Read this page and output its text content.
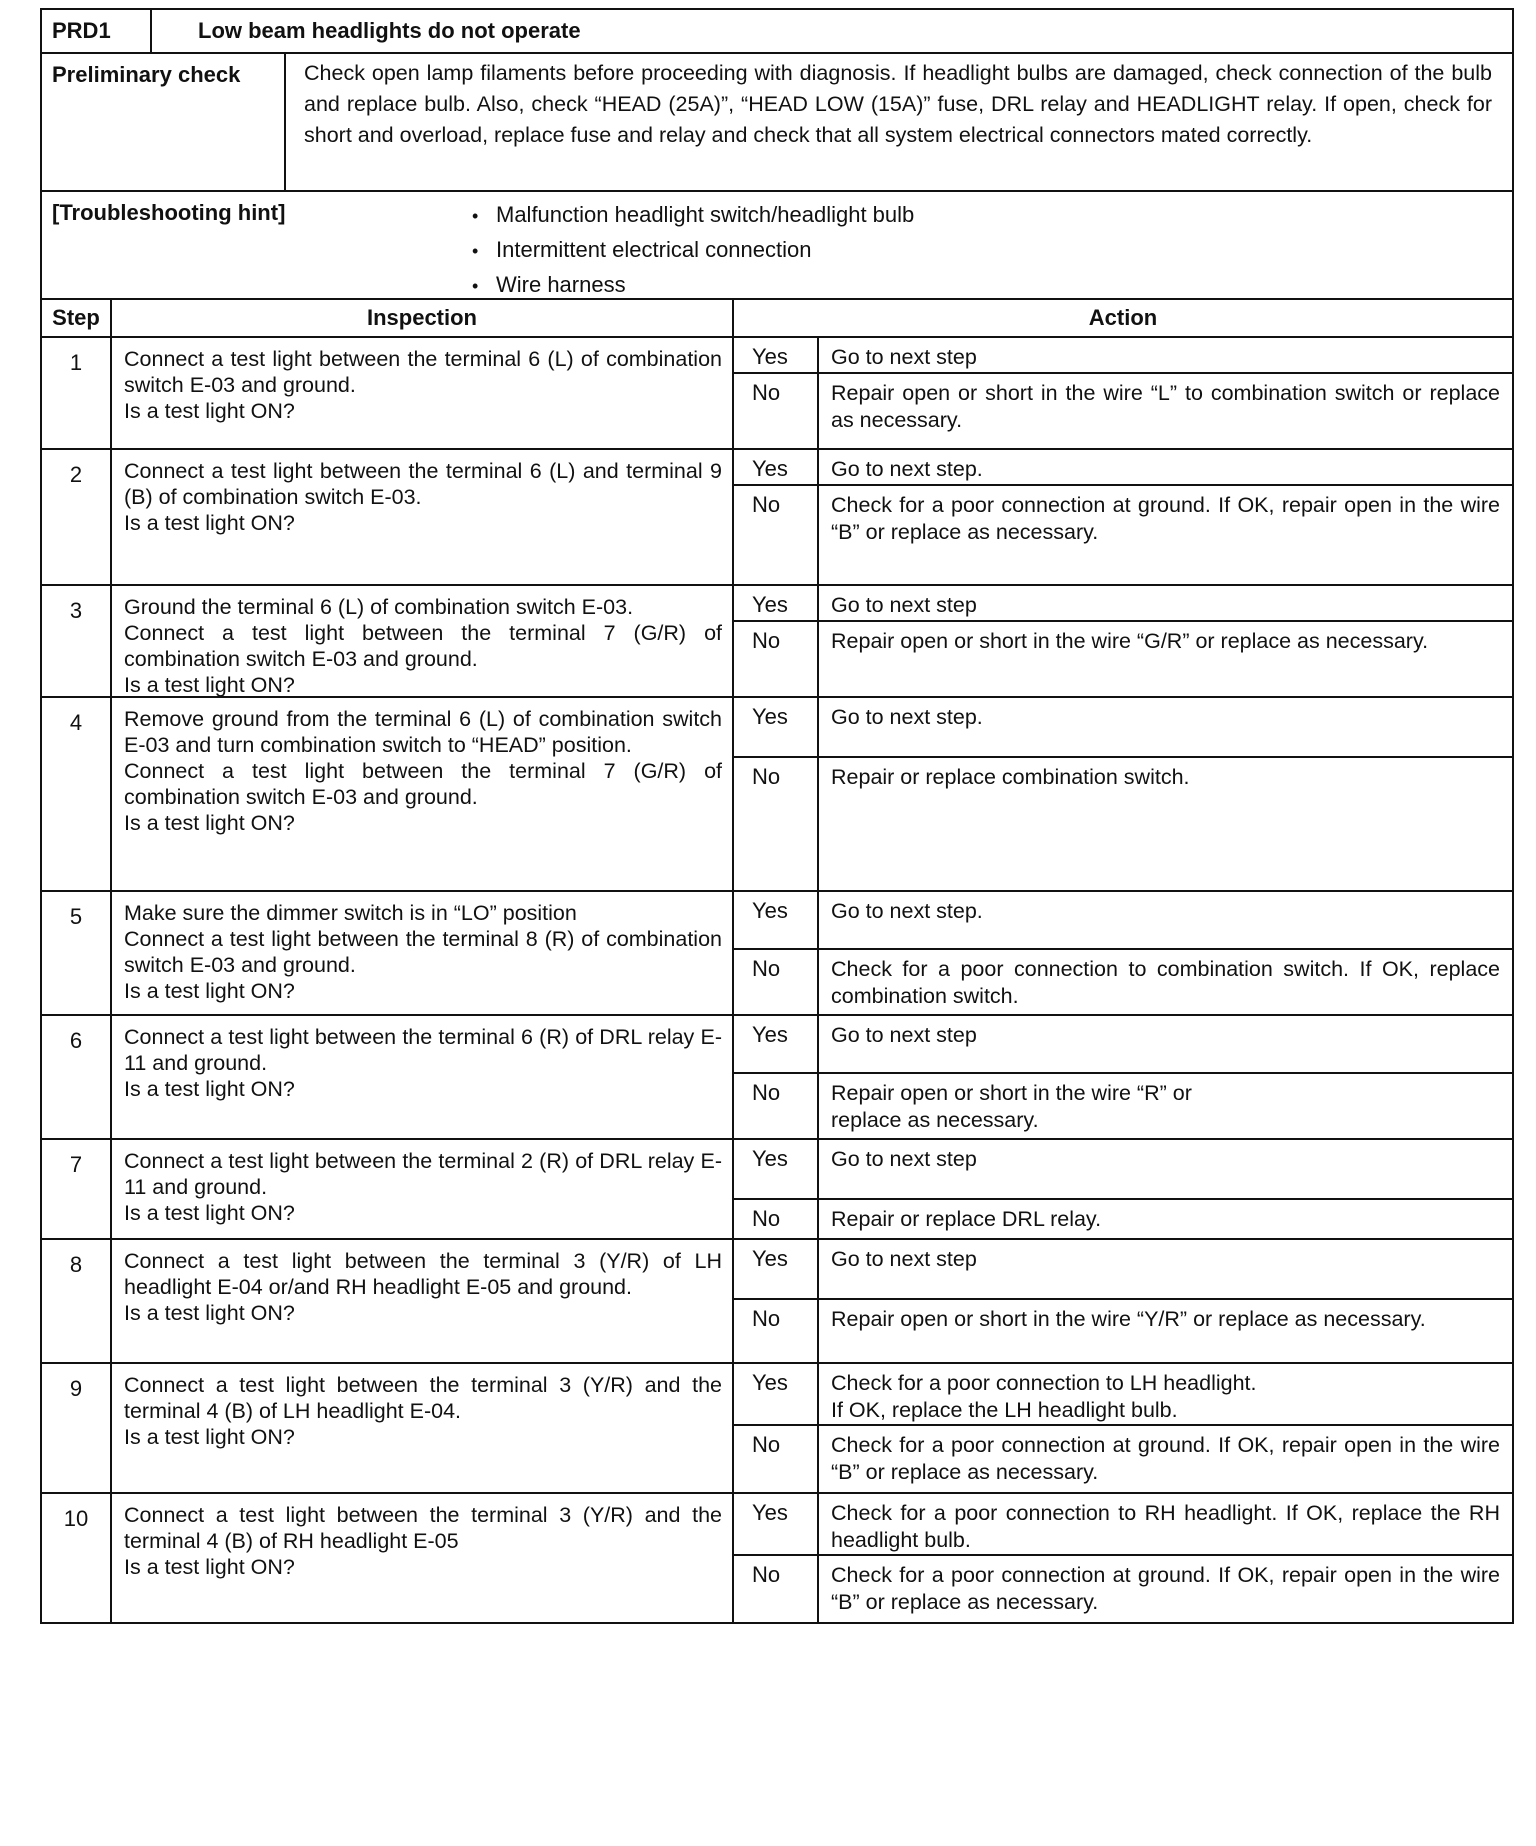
PRD1	Low beam headlights do not operate
Preliminary check	Check open lamp filaments before proceeding with diagnosis. If headlight bulbs are damaged, check connection of the bulb and replace bulb. Also, check “HEAD (25A)”, “HEAD LOW (15A)” fuse, DRL relay and HEADLIGHT relay. If open, check for short and overload, replace fuse and relay and check that all system electrical connectors mated correctly.
[Troubleshooting hint]
•	Malfunction headlight switch/headlight bulb
• Intermittent electrical connection
• Wire harness
Step	Inspection	Action
1	Connect a test light between the terminal 6 (L) of combination switch E-03 and ground.
Is a test light ON?
Yes	Go to next step
No	Repair open or short in the wire “L” to combination switch or replace as necessary.
2	Connect a test light between the terminal 6 (L) and terminal 9 (B) of combination switch E-03.
Is a test light ON?
Yes	Go to next step.
No	Check for a poor connection at ground. If OK, repair open in the wire “B” or replace as necessary.
3	Ground the terminal 6 (L) of combination switch E-03.
Connect a test light between the terminal 7 (G/R) of combination switch E-03 and ground.
Is a test light ON?
Yes	Go to next step
No	Repair open or short in the wire “G/R” or replace as necessary.
4	Remove ground from the terminal 6 (L) of combination switch E-03 and turn combination switch to “HEAD” position.
Connect a test light between the terminal 7 (G/R) of combination switch E-03 and ground.
Is a test light ON?
Yes	Go to next step.
No	Repair or replace combination switch.
5	Make sure the dimmer switch is in “LO” position
Connect a test light between the terminal 8 (R) of combination switch E-03 and ground.
Is a test light ON?
Yes	Go to next step.
No	Check for a poor connection to combination switch. If OK, replace combination switch.
6	Connect a test light between the terminal 6 (R) of DRL relay E-11 and ground.
Is a test light ON?
Yes	Go to next step
No	Repair open or short in the wire “R” or
replace as necessary.
7	Connect a test light between the terminal 2 (R) of DRL relay E-11 and ground.
Is a test light ON?
Yes	Go to next step
No	Repair or replace DRL relay.
8	Connect a test light between the terminal 3 (Y/R) of LH headlight E-04 or/and RH headlight E-05 and ground.
Is a test light ON?
Yes	Go to next step
No	Repair open or short in the wire “Y/R” or replace as necessary.
9	Connect a test light between the terminal 3 (Y/R) and the terminal 4 (B) of LH headlight E-04.
Is a test light ON?
Yes	Check for a poor connection to LH headlight.
If OK, replace the LH headlight bulb.
No	Check for a poor connection at ground. If OK, repair open in the wire “B” or replace as necessary.
10	Connect a test light between the terminal 3 (Y/R) and the terminal 4 (B) of RH headlight E-05
Is a test light ON?
Yes	Check for a poor connection to RH headlight. If OK, replace the RH headlight bulb.
No	Check for a poor connection at ground. If OK, repair open in the wire “B” or replace as necessary.
